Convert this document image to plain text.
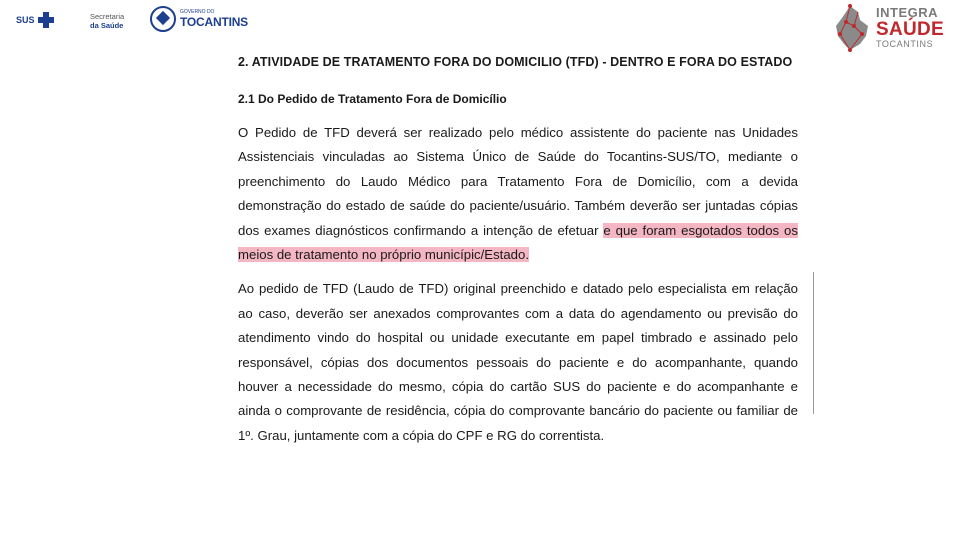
SUS	Secretaria
da Saúde
GOVERNO DO
TOCANTINS
INTEGRA
SAÚDE
TOCANTINS
2. ATIVIDADE DE TRATAMENTO FORA DO DOMICILIO (TFD) - DENTRO E FORA DO ESTADO
2.1 Do Pedido de Tratamento Fora de Domicílio

O Pedido de TFD deverá ser realizado pelo médico assistente do paciente nas Unidades Assistenciais vinculadas ao Sistema Único de Saúde do Tocantins-SUS/TO, mediante o preenchimento do Laudo Médico para Tratamento Fora de Domicílio, com a devida demonstração do estado de saúde do paciente/usuário. Também deverão ser juntadas cópias dos exames diagnósticos confirmando a intenção de efetuar e que foram esgotados todos os meios de tratamento no próprio municípic/Estado.

Ao pedido de TFD (Laudo de TFD) original preenchido e datado pelo especialista em relação ao caso, deverão ser anexados comprovantes com a data do agendamento ou previsão do atendimento vindo do hospital ou unidade executante em papel timbrado e assinado pelo responsável, cópias dos documentos pessoais do paciente e do acompanhante, quando houver a necessidade do mesmo, cópia do cartão SUS do paciente e do acompanhante e ainda o comprovante de residência, cópia do comprovante bancário do paciente ou familiar de 1º. Grau, juntamente com a cópia do CPF e RG do correntista.
